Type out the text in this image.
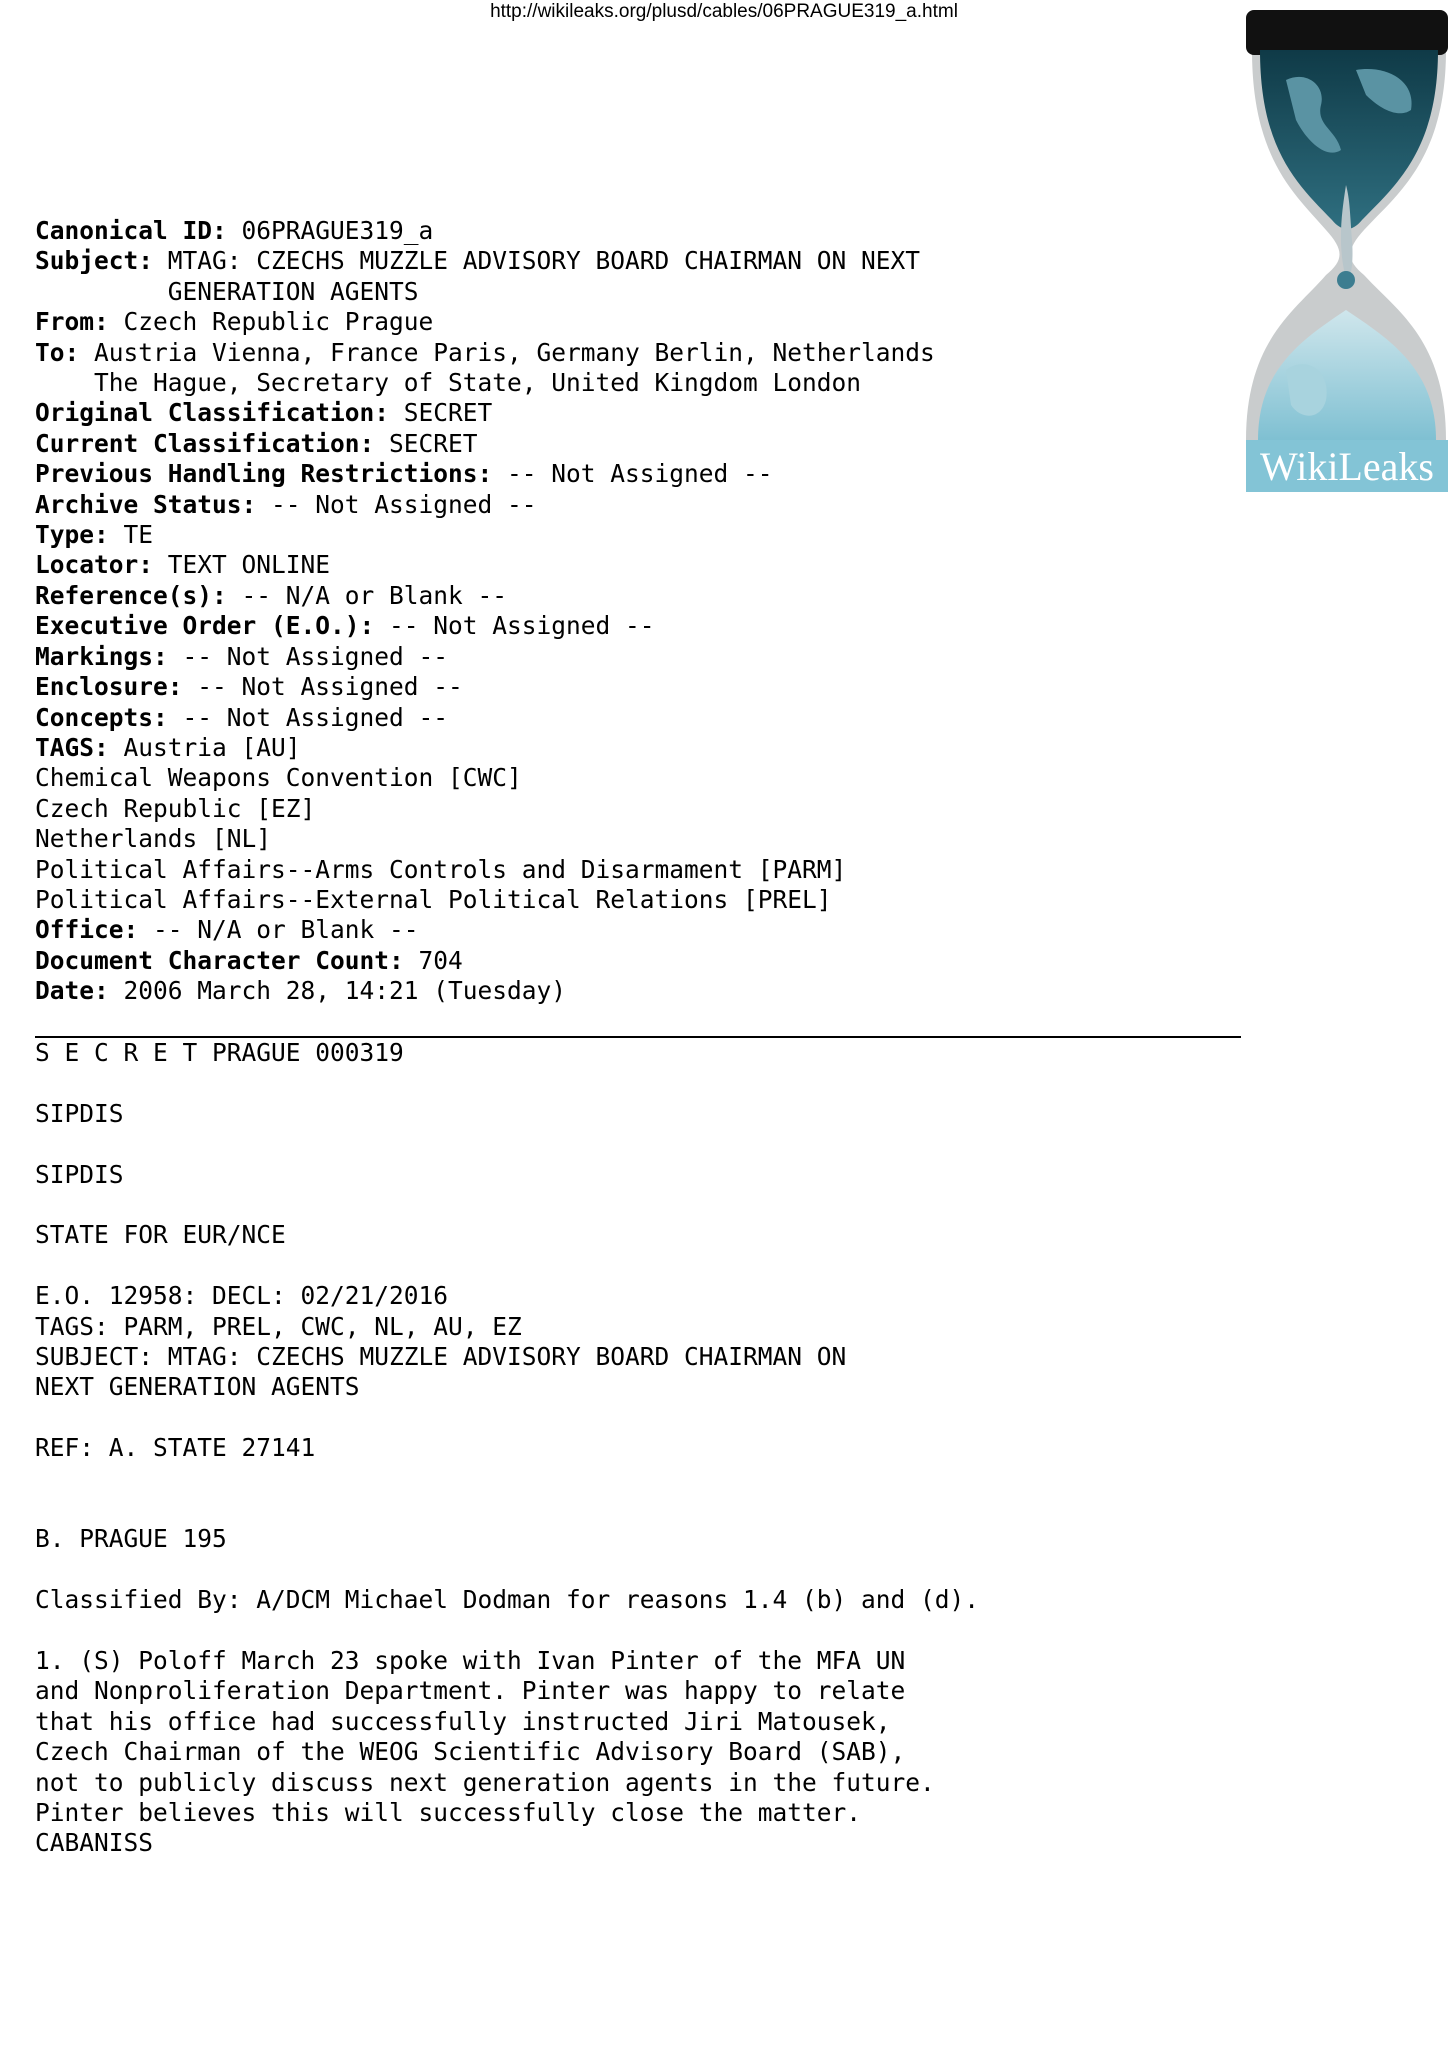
http://wikileaks.org/plusd/cables/06PRAGUE319_a.html
WikiLeaks
Canonical ID: 06PRAGUE319_a
Subject: MTAG: CZECHS MUZZLE ADVISORY BOARD CHAIRMAN ON NEXT
GENERATION AGENTS
From: Czech Republic Prague
To: Austria Vienna, France Paris, Germany Berlin, Netherlands
The Hague, Secretary of State, United Kingdom London
Original Classification: SECRET
Current Classification: SECRET
Previous Handling Restrictions: -- Not Assigned --
Archive Status: -- Not Assigned --
Type: TE
Locator: TEXT ONLINE
Reference(s): -- N/A or Blank --
Executive Order (E.O.): -- Not Assigned --
Markings: -- Not Assigned --
Enclosure: -- Not Assigned --
Concepts: -- Not Assigned --
TAGS: Austria [AU]
Chemical Weapons Convention [CWC]
Czech Republic [EZ]
Netherlands [NL]
Political Affairs--Arms Controls and Disarmament [PARM]
Political Affairs--External Political Relations [PREL]
Office: -- N/A or Blank --
Document Character Count: 704
Date: 2006 March 28, 14:21 (Tuesday)
S E C R E T PRAGUE 000319
SIPDIS
SIPDIS
STATE FOR EUR/NCE
E.O. 12958: DECL: 02/21/2016
TAGS: PARM, PREL, CWC, NL, AU, EZ
SUBJECT: MTAG: CZECHS MUZZLE ADVISORY BOARD CHAIRMAN ON
NEXT GENERATION AGENTS
REF: A. STATE 27141
B. PRAGUE 195
Classified By: A/DCM Michael Dodman for reasons 1.4 (b) and (d).
1. (S) Poloff March 23 spoke with Ivan Pinter of the MFA UN
and Nonproliferation Department. Pinter was happy to relate
that his office had successfully instructed Jiri Matousek,
Czech Chairman of the WEOG Scientific Advisory Board (SAB),
not to publicly discuss next generation agents in the future.
Pinter believes this will successfully close the matter.
CABANISS
